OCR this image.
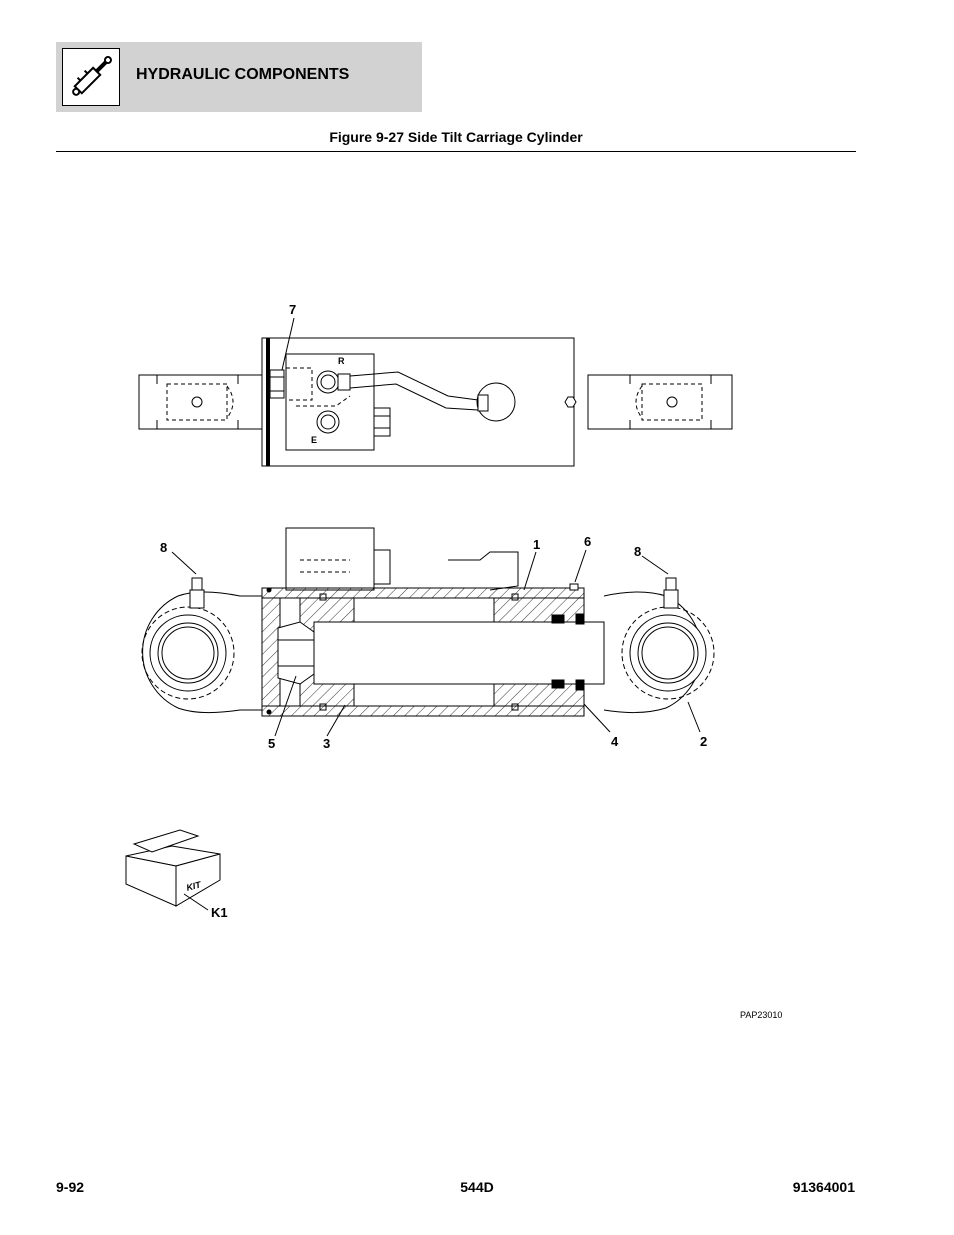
HYDRAULIC COMPONENTS
Figure 9-27 Side Tilt Carriage Cylinder
7
8	8
1	6
5	3	4	2
K1
R
E
KIT
PAP23010
9-92	544D	91364001
